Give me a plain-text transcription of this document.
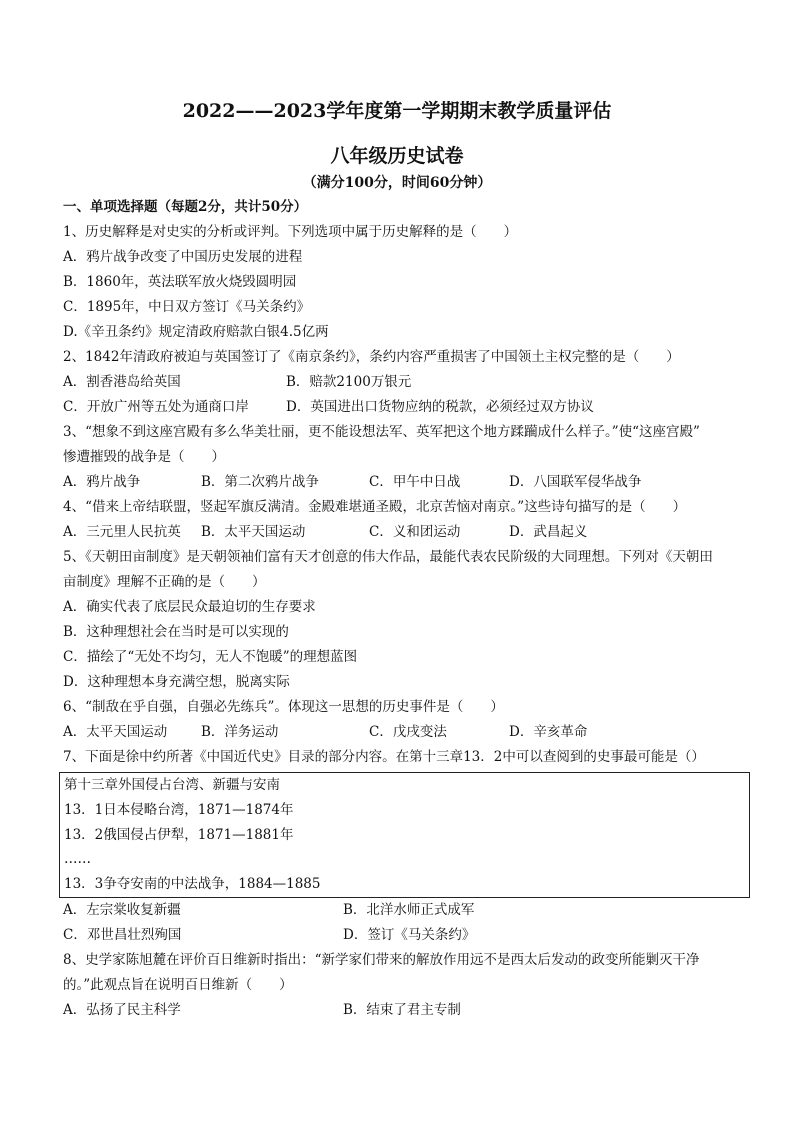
2022——2023学年度第一学期期末教学质量评估
八年级历史试卷
（满分100分，时间60分钟）
一、单项选择题（每题2分，共计50分）
1、历史解释是对史实的分析或评判。下列选项中属于历史解释的是（　　）
A．鸦片战争改变了中国历史发展的进程
B．1860年，英法联军放火烧毁圆明园
C．1895年，中日双方签订《马关条约》
D.《辛丑条约》规定清政府赔款白银4.5亿两
2、1842年清政府被迫与英国签订了《南京条约》，条约内容严重损害了中国领土主权完整的是（　　）
A．割香港岛给英国	B．赔款2100万银元
C．开放广州等五处为通商口岸	D．英国进出口货物应纳的税款，必须经过双方协议
3、“想象不到这座宫殿有多么华美壮丽，更不能设想法军、英军把这个地方蹂躏成什么样子。”使“这座宫殿”
惨遭摧毁的战争是（　　）
A．鸦片战争	B．第二次鸦片战争	C．甲午中日战	D．八国联军侵华战争
4、“借来上帝结联盟，竖起军旗反满清。金殿难堪通圣殿，北京苦恼对南京。”这些诗句描写的是（　　）
A．三元里人民抗英	B．太平天国运动	C．义和团运动	D．武昌起义
5、《天朝田亩制度》是天朝领袖们富有天才创意的伟大作品，最能代表农民阶级的大同理想。下列对《天朝田
亩制度》理解不正确的是（　　）
A．确实代表了底层民众最迫切的生存要求
B．这种理想社会在当时是可以实现的
C．描绘了“无处不均匀，无人不饱暖”的理想蓝图
D．这种理想本身充满空想，脱离实际
6、“制敌在乎自强，自强必先练兵”。体现这一思想的历史事件是（　　）
A．太平天国运动	B．洋务运动	C．戊戌变法	D．辛亥革命
7、下面是徐中约所著《中国近代史》目录的部分内容。在第十三章13．2中可以查阅到的史事最可能是（）
第十三章外国侵占台湾、新疆与安南
13．1日本侵略台湾，1871—1874年
13．2俄国侵占伊犁，1871—1881年
……
13．3争夺安南的中法战争，1884—1885
A．左宗棠收复新疆	B．北洋水师正式成军
C．邓世昌壮烈殉国	D．签订《马关条约》
8、史学家陈旭麓在评价百日维新时指出：“新学家们带来的解放作用远不是西太后发动的政变所能剿灭干净
的。”此观点旨在说明百日维新（　　）
A．弘扬了民主科学	B．结束了君主专制
